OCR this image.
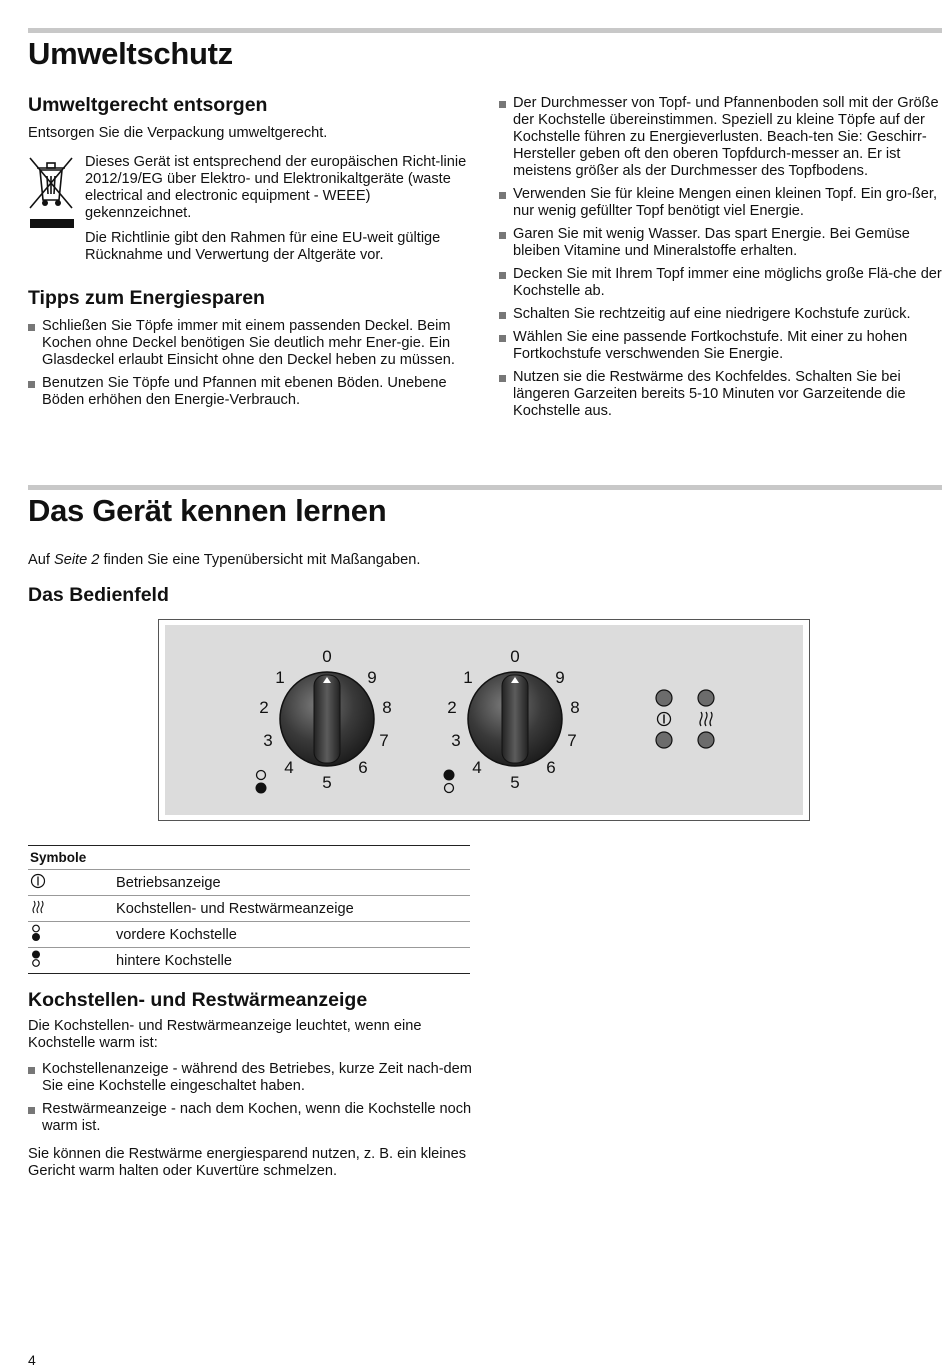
Umweltschutz
Umweltgerecht entsorgen

Entsorgen Sie die Verpackung umweltgerecht.

Dieses Gerät ist entsprechend der europäischen Richt-linie 2012/19/EG über Elektro- und Elektronikaltgeräte (waste electrical and electronic equipment - WEEE) gekennzeichnet.

Die Richtlinie gibt den Rahmen für eine EU-weit gültige Rücknahme und Verwertung der Altgeräte vor.

Tipps zum Energiesparen
Schließen Sie Töpfe immer mit einem passenden Deckel. Beim Kochen ohne Deckel benötigen Sie deutlich mehr Ener-gie. Ein Glasdeckel erlaubt Einsicht ohne den Deckel heben zu müssen.
Benutzen Sie Töpfe und Pfannen mit ebenen Böden. Unebene Böden erhöhen den Energie-Verbrauch.
Der Durchmesser von Topf- und Pfannenboden soll mit der Größe der Kochstelle übereinstimmen. Speziell zu kleine Töpfe auf der Kochstelle führen zu Energieverlusten. Beach-ten Sie: Geschirr-Hersteller geben oft den oberen Topfdurch-messer an. Er ist meistens größer als der Durchmesser des Topfbodens.
Verwenden Sie für kleine Mengen einen kleinen Topf. Ein gro-ßer, nur wenig gefüllter Topf benötigt viel Energie.
Garen Sie mit wenig Wasser. Das spart Energie. Bei Gemüse bleiben Vitamine und Mineralstoffe erhalten.
Decken Sie mit Ihrem Topf immer eine möglichs große Flä-che der Kochstelle ab.
Schalten Sie rechtzeitig auf eine niedrigere Kochstufe zurück.
Wählen Sie eine passende Fortkochstufe. Mit einer zu hohen Fortkochstufe verschwenden Sie Energie.
Nutzen sie die Restwärme des Kochfeldes. Schalten Sie bei längeren Garzeiten bereits 5-10 Minuten vor Garzeitende die Kochstelle aus.
Das Gerät kennen lernen

Auf Seite 2 finden Sie eine Typenübersicht mit Maßangaben.

Das Bedienfeld
0
1
2
3
4
5
6
7
8
9
0
1
2
3
4
5
6
7
8
9
Symbole	
	Betriebsanzeige
	Kochstellen- und Restwärmeanzeige
	vordere Kochstelle
	hintere Kochstelle
Kochstellen- und Restwärmeanzeige

Die Kochstellen- und Restwärmeanzeige leuchtet, wenn eine Kochstelle warm ist:

Kochstellenanzeige - während des Betriebes, kurze Zeit nach-dem Sie eine Kochstelle eingeschaltet haben.
Restwärmeanzeige - nach dem Kochen, wenn die Kochstelle noch warm ist.

Sie können die Restwärme energiesparend nutzen, z. B. ein kleines Gericht warm halten oder Kuvertüre schmelzen.

4
